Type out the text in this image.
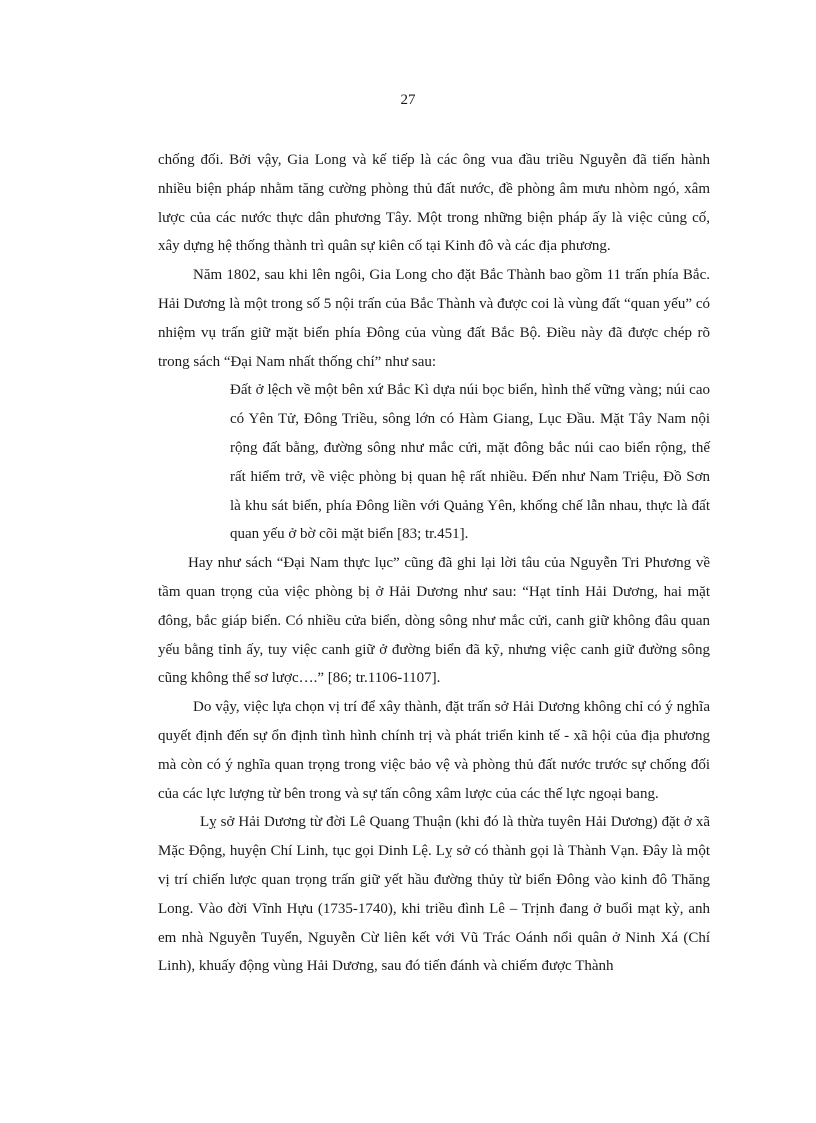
27

chống đối. Bởi vậy, Gia Long và kế tiếp là các ông vua đầu triều Nguyễn đã tiến hành nhiều biện pháp nhằm tăng cường phòng thủ đất nước, đề phòng âm mưu nhòm ngó, xâm lược của các nước thực dân phương Tây. Một trong những biện pháp ấy là việc củng cố, xây dựng hệ thống thành trì quân sự kiên cố tại Kinh đô và các địa phương.

Năm 1802, sau khi lên ngôi, Gia Long cho đặt Bắc Thành bao gồm 11 trấn phía Bắc. Hải Dương là một trong số 5 nội trấn của Bắc Thành và được coi là vùng đất “quan yếu” có nhiệm vụ trấn giữ mặt biển phía Đông của vùng đất Bắc Bộ. Điều này đã được chép rõ trong sách “Đại Nam nhất thống chí” như sau:

Đất ở lệch về một bên xứ Bắc Kì dựa núi bọc biển, hình thế vững vàng; núi cao có Yên Tử, Đông Triều, sông lớn có Hàm Giang, Lục Đầu. Mặt Tây Nam nội rộng đất bằng, đường sông như mắc cửi, mặt đông bắc núi cao biển rộng, thế rất hiểm trở, về việc phòng bị quan hệ rất nhiều. Đến như Nam Triệu, Đồ Sơn là khu sát biển, phía Đông liền với Quảng Yên, khống chế lẫn nhau, thực là đất quan yếu ở bờ cõi mặt biển [83; tr.451].

Hay như sách “Đại Nam thực lục” cũng đã ghi lại lời tâu của Nguyễn Tri Phương về tầm quan trọng của việc phòng bị ở Hải Dương như sau: “Hạt tỉnh Hải Dương, hai mặt đông, bắc giáp biển. Có nhiều cửa biển, dòng sông như mắc cửi, canh giữ không đâu quan yếu bằng tỉnh ấy, tuy việc canh giữ ở đường biển đã kỹ, nhưng việc canh giữ đường sông cũng không thể sơ lược….” [86; tr.1106-1107].

Do vậy, việc lựa chọn vị trí để xây thành, đặt trấn sở Hải Dương không chỉ có ý nghĩa quyết định đến sự ổn định tình hình chính trị và phát triển kinh tế - xã hội của địa phương mà còn có ý nghĩa quan trọng trong việc bảo vệ và phòng thủ đất nước trước sự chống đối của các lực lượng từ bên trong và sự tấn công xâm lược của các thế lực ngoại bang.

Lỵ sở Hải Dương từ đời Lê Quang Thuận (khi đó là thừa tuyên Hải Dương) đặt ở xã Mặc Động, huyện Chí Linh, tục gọi Dinh Lệ. Lỵ sở có thành gọi là Thành Vạn. Đây là một vị trí chiến lược quan trọng trấn giữ yết hầu đường thủy từ biển Đông vào kinh đô Thăng Long. Vào đời Vĩnh Hựu (1735-1740), khi triều đình Lê – Trịnh đang ở buổi mạt kỳ, anh em nhà Nguyễn Tuyển, Nguyễn Cừ liên kết với Vũ Trác Oánh nổi quân ở Ninh Xá (Chí Linh), khuấy động vùng Hải Dương, sau đó tiến đánh và chiếm được Thành
